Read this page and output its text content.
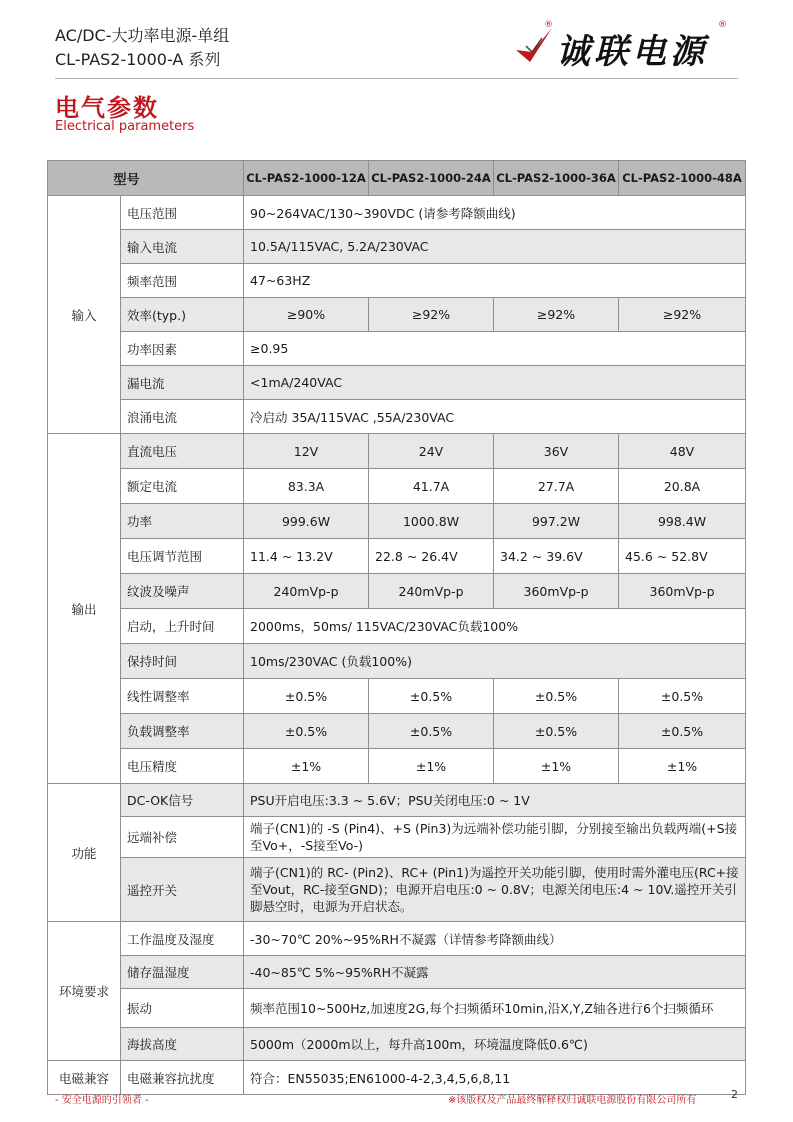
AC/DC-大功率电源-单组
CL-PAS2-1000-A 系列
®
诚联电源
®
电气参数
Electrical parameters
型号		CL-PAS2-1000-12A	CL-PAS2-1000-24A	CL-PAS2-1000-36A	CL-PAS2-1000-48A
输入	电压范围	90~264VAC/130~390VDC (请参考降额曲线)			
	输入电流	10.5A/115VAC, 5.2A/230VAC			
	频率范围	47~63HZ			
	效率(typ.)	≥90%	≥92%	≥92%	≥92%
	功率因素	≥0.95			
	漏电流	<1mA/240VAC			
	浪涌电流	冷启动 35A/115VAC ,55A/230VAC			
输出	直流电压	12V	24V	36V	48V
	额定电流	83.3A	41.7A	27.7A	20.8A
	功率	999.6W	1000.8W	997.2W	998.4W
	电压调节范围	11.4 ~ 13.2V	22.8 ~ 26.4V	34.2 ~ 39.6V	45.6 ~ 52.8V
	纹波及噪声	240mVp-p	240mVp-p	360mVp-p	360mVp-p
	启动，上升时间	2000ms，50ms/ 115VAC/230VAC负载100%			
	保持时间	10ms/230VAC (负载100%)			
	线性调整率	±0.5%	±0.5%	±0.5%	±0.5%
	负载调整率	±0.5%	±0.5%	±0.5%	±0.5%
	电压精度	±1%	±1%	±1%	±1%
功能	DC-OK信号	PSU开启电压:3.3 ~ 5.6V；PSU关闭电压:0 ~ 1V			
	远端补偿	端子(CN1)的 -S (Pin4)、+S (Pin3)为远端补偿功能引脚，分别接至输出负载两端(+S接至Vo+，-S接至Vo-)			
	遥控开关	端子(CN1)的 RC- (Pin2)、RC+ (Pin1)为遥控开关功能引脚，使用时需外灌电压(RC+接至Vout，RC-接至GND)；电源开启电压:0 ~ 0.8V；电源关闭电压:4 ~ 10V.遥控开关引脚悬空时，电源为开启状态。			
环境要求	工作温度及湿度	-30~70℃ 20%~95%RH不凝露（详情参考降额曲线）			
	储存温湿度	-40~85℃ 5%~95%RH不凝露			
	振动	频率范围10~500Hz,加速度2G,每个扫频循环10min,沿X,Y,Z轴各进行6个扫频循环			
	海拔高度	5000m（2000m以上，每升高100m，环境温度降低0.6℃)			
电磁兼容	电磁兼容抗扰度	符合：EN55035;EN61000-4-2,3,4,5,6,8,11			
- 安全电源的引领者 -	※该版权及产品最终解释权归诚联电源股份有限公司所有	2
